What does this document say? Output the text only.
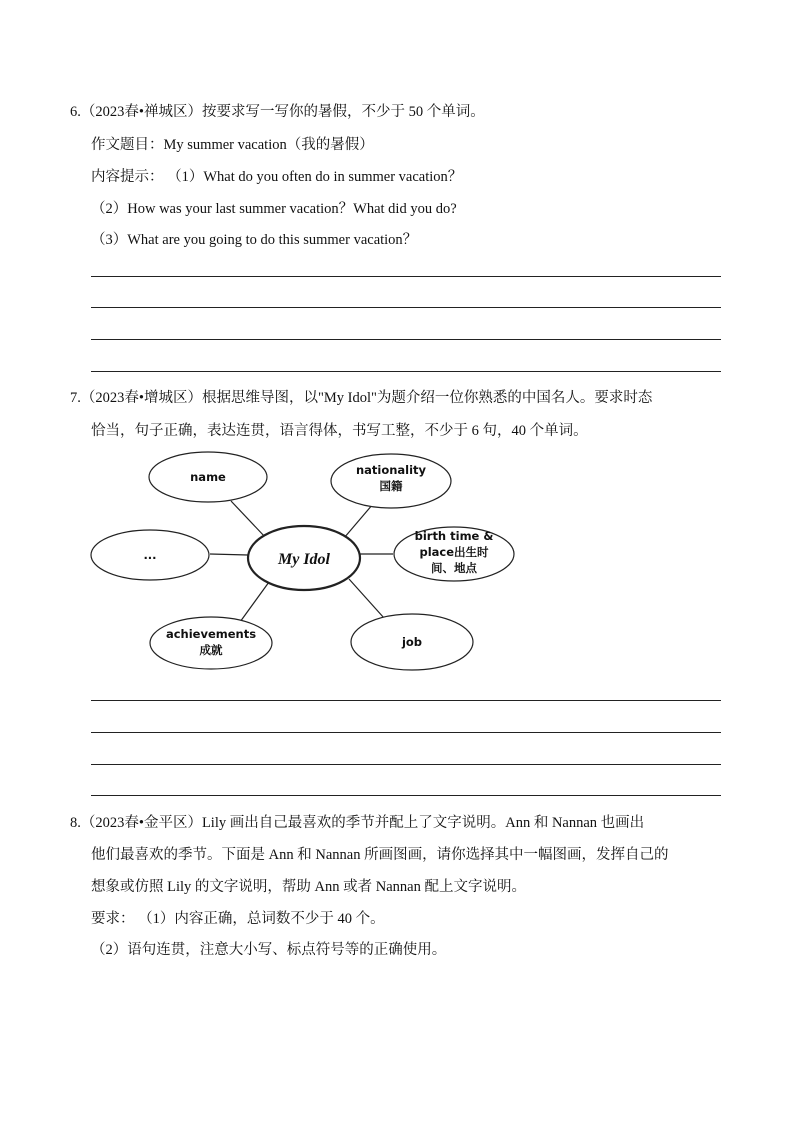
6.（2023春•禅城区）按要求写一写你的暑假，不少于 50 个单词。
作文题目：My summer vacation（我的暑假）
内容提示： （1）What do you often do in summer vacation？
（2）How was your last summer vacation？What did you do?
（3）What are you going to do this summer vacation？
7.（2023春•增城区）根据思维导图，以"My Idol"为题介绍一位你熟悉的中国名人。要求时态
恰当，句子正确，表达连贯，语言得体，书写工整，不少于 6 句，40 个单词。
My Idol
name	nationality
国籍
...
birth time &
place出生时
间、地点
job
achievements
成就
8.（2023春•金平区）Lily 画出自己最喜欢的季节并配上了文字说明。Ann 和 Nannan 也画出
他们最喜欢的季节。下面是 Ann 和 Nannan 所画图画，请你选择其中一幅图画，发挥自己的
想象或仿照 Lily 的文字说明，帮助 Ann 或者 Nannan 配上文字说明。
要求： （1）内容正确，总词数不少于 40 个。
（2）语句连贯，注意大小写、标点符号等的正确使用。
